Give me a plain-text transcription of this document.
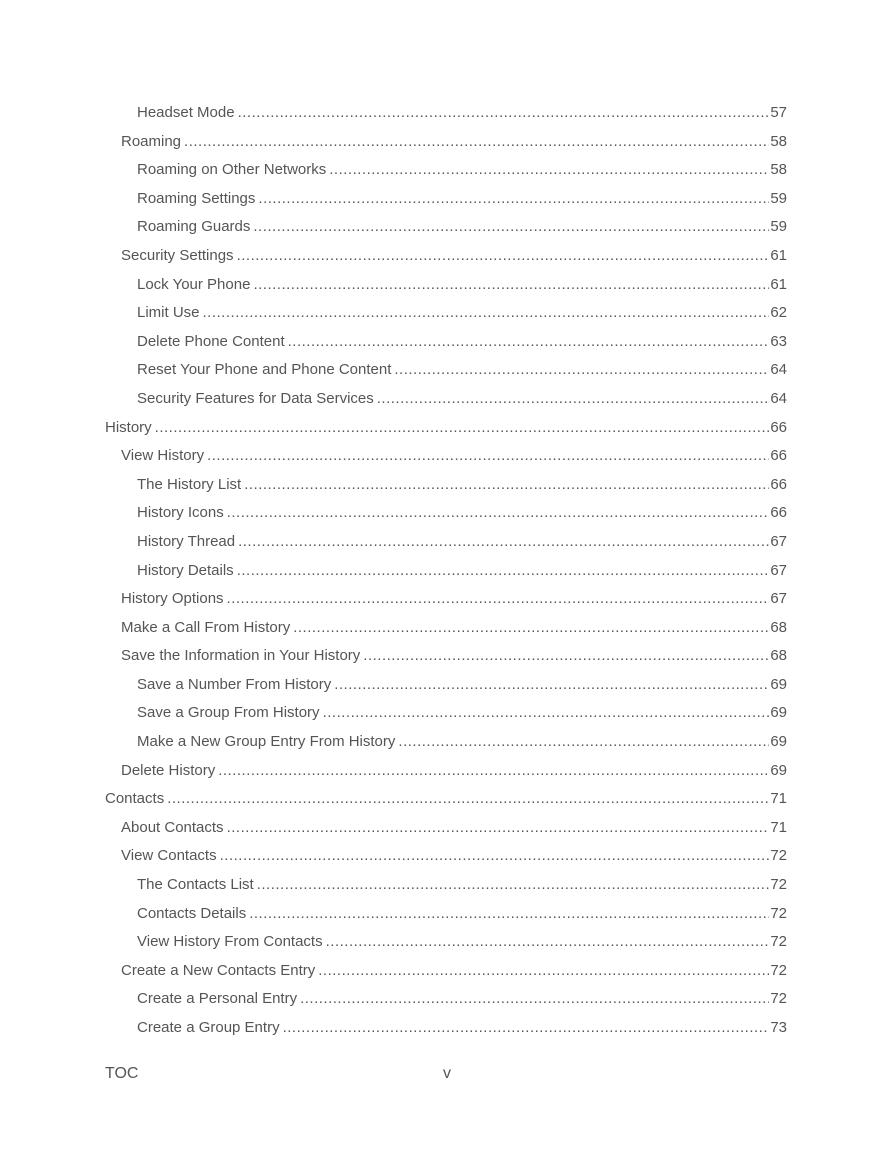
Headset Mode .....	57
Roaming .....	58
Roaming on Other Networks .....	58
Roaming Settings .....	59
Roaming Guards .....	59
Security Settings .....	61
Lock Your Phone .....	61
Limit Use .....	62
Delete Phone Content .....	63
Reset Your Phone and Phone Content .....	64
Security Features for Data Services .....	64
History .....	66
View History .....	66
The History List .....	66
History Icons .....	66
History Thread .....	67
History Details .....	67
History Options .....	67
Make a Call From History .....	68
Save the Information in Your History .....	68
Save a Number From History .....	69
Save a Group From History .....	69
Make a New Group Entry From History .....	69
Delete History .....	69
Contacts .....	71
About Contacts .....	71
View Contacts .....	72
The Contacts List .....	72
Contacts Details .....	72
View History From Contacts .....	72
Create a New Contacts Entry .....	72
Create a Personal Entry .....	72
Create a Group Entry .....	73
TOC	v
